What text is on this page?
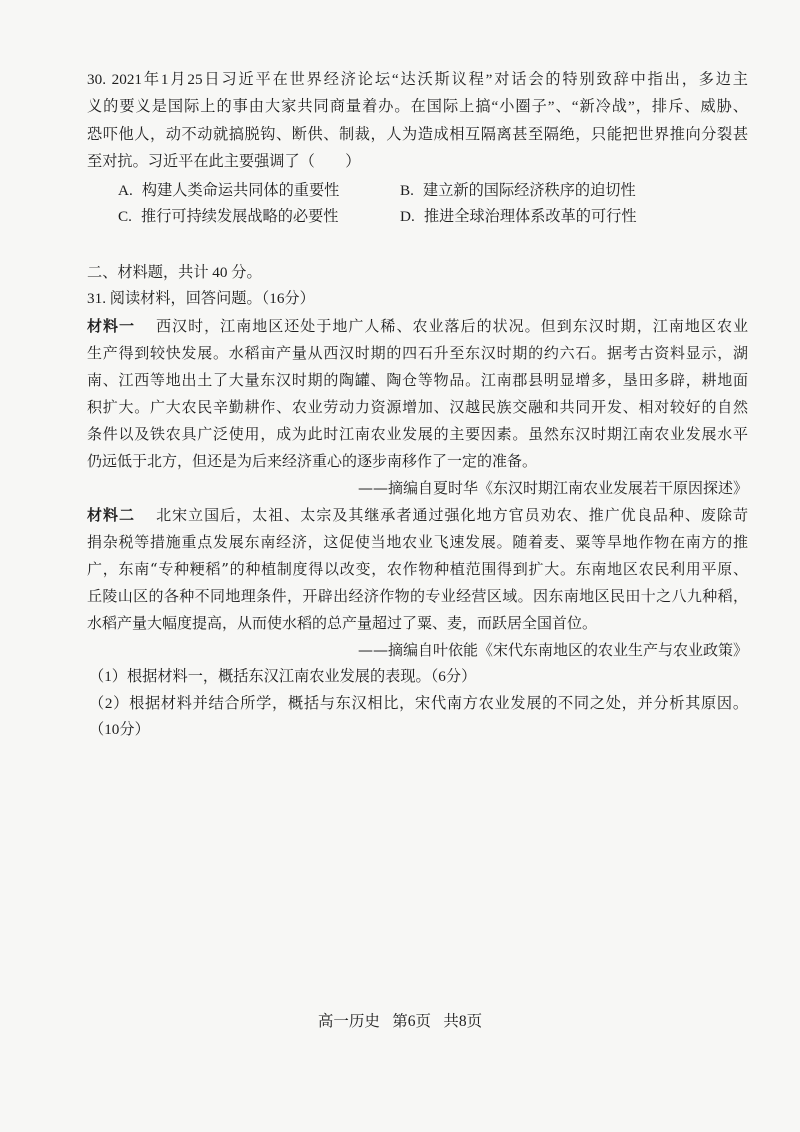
30. 2021年1月25日习近平在世界经济论坛“达沃斯议程”对话会的特别致辞中指出，多边主
义的要义是国际上的事由大家共同商量着办。在国际上搞“小圈子”、“新冷战”，排斥、威胁、
恐吓他人，动不动就搞脱钩、断供、制裁，人为造成相互隔离甚至隔绝，只能把世界推向分裂甚
至对抗。习近平在此主要强调了（　　）
A. 构建人类命运共同体的重要性	B. 建立新的国际经济秩序的迫切性
C. 推行可持续发展战略的必要性	D. 推进全球治理体系改革的可行性
二、材料题，共计 40 分。
31. 阅读材料，回答问题。（16分）
材料一 西汉时，江南地区还处于地广人稀、农业落后的状况。但到东汉时期，江南地区农业
生产得到较快发展。水稻亩产量从西汉时期的四石升至东汉时期的约六石。据考古资料显示，湖
南、江西等地出土了大量东汉时期的陶罐、陶仓等物品。江南郡县明显增多，垦田多辟，耕地面
积扩大。广大农民辛勤耕作、农业劳动力资源增加、汉越民族交融和共同开发、相对较好的自然
条件以及铁农具广泛使用，成为此时江南农业发展的主要因素。虽然东汉时期江南农业发展水平
仍远低于北方，但还是为后来经济重心的逐步南移作了一定的准备。
——摘编自夏时华《东汉时期江南农业发展若干原因探述》
材料二 北宋立国后，太祖、太宗及其继承者通过强化地方官员劝农、推广优良品种、废除苛
捐杂税等措施重点发展东南经济，这促使当地农业飞速发展。随着麦、粟等旱地作物在南方的推
广，东南“专种粳稻”的种植制度得以改变，农作物种植范围得到扩大。东南地区农民利用平原、
丘陵山区的各种不同地理条件，开辟出经济作物的专业经营区域。因东南地区民田十之八九种稻，
水稻产量大幅度提高，从而使水稻的总产量超过了粟、麦，而跃居全国首位。
——摘编自叶依能《宋代东南地区的农业生产与农业政策》
（1）根据材料一，概括东汉江南农业发展的表现。（6分）
（2）根据材料并结合所学，概括与东汉相比，宋代南方农业发展的不同之处，并分析其原因。
（10分）
高一历史 第6页 共8页
